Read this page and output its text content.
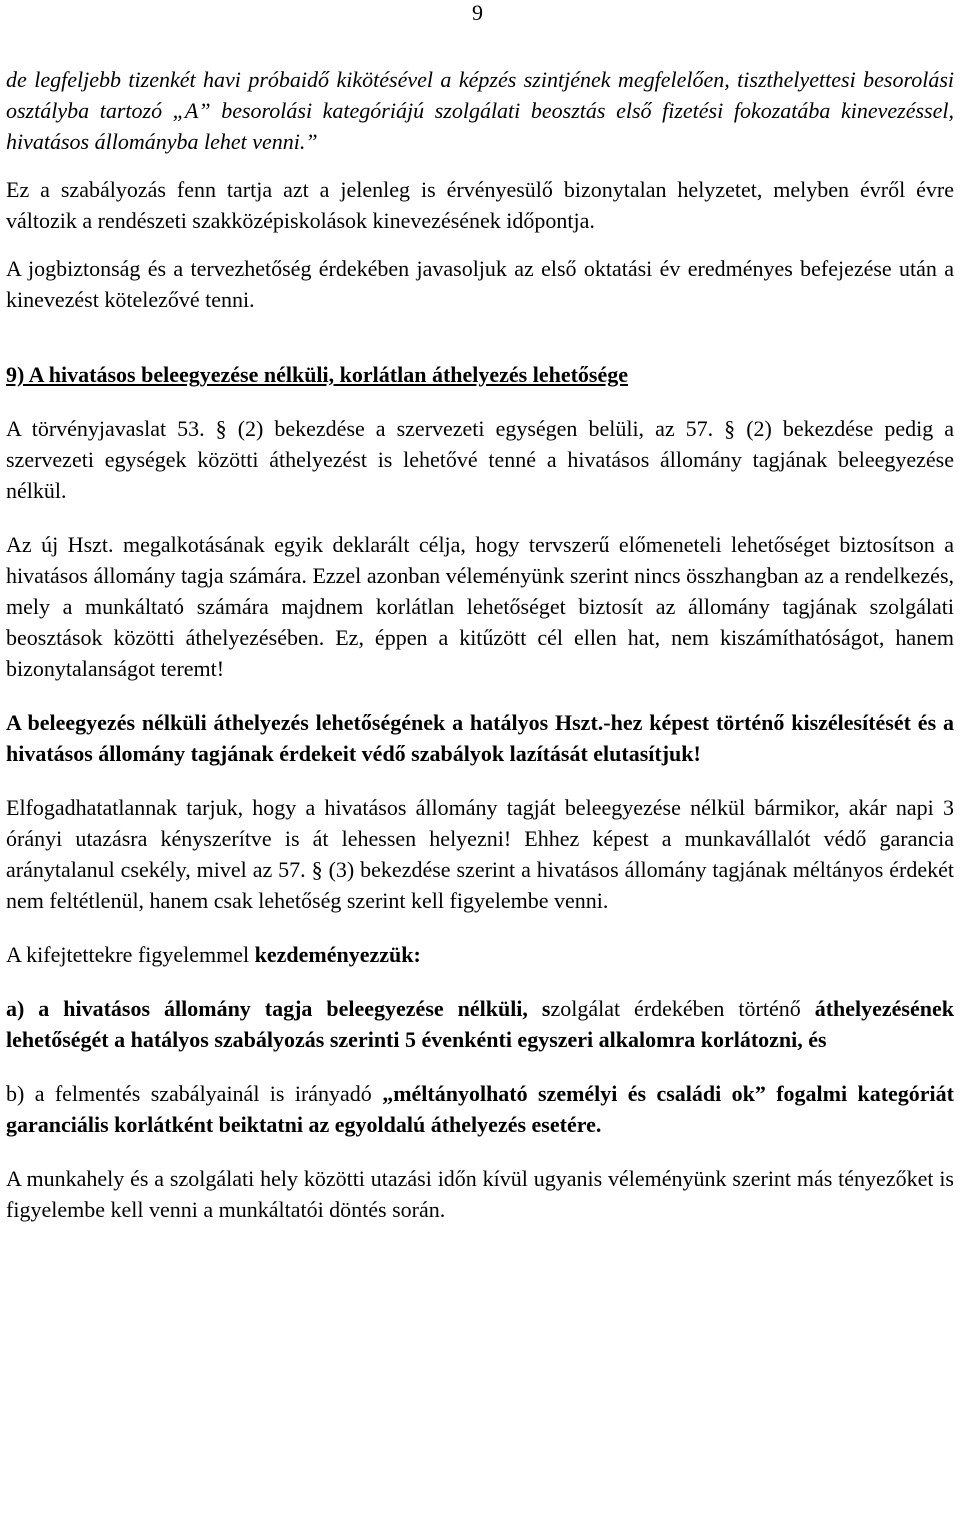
9

de legfeljebb tizenkét havi próbaidő kikötésével a képzés szintjének megfelelően, tiszthelyettesi besorolási osztályba tartozó „A” besorolási kategóriájú szolgálati beosztás első fizetési fokozatába kinevezéssel, hivatásos állományba lehet venni.”

Ez a szabályozás fenn tartja azt a jelenleg is érvényesülő bizonytalan helyzetet, melyben évről évre változik a rendészeti szakközépiskolások kinevezésének időpontja.

A jogbiztonság és a tervezhetőség érdekében javasoljuk az első oktatási év eredményes befejezése után a kinevezést kötelezővé tenni.

9) A hivatásos beleegyezése nélküli, korlátlan áthelyezés lehetősége

A törvényjavaslat 53. § (2) bekezdése a szervezeti egységen belüli, az 57. § (2) bekezdése pedig a szervezeti egységek közötti áthelyezést is lehetővé tenné a hivatásos állomány tagjának beleegyezése nélkül.

Az új Hszt. megalkotásának egyik deklarált célja, hogy tervszerű előmeneteli lehetőséget biztosítson a hivatásos állomány tagja számára. Ezzel azonban véleményünk szerint nincs összhangban az a rendelkezés, mely a munkáltató számára majdnem korlátlan lehetőséget biztosít az állomány tagjának szolgálati beosztások közötti áthelyezésében. Ez, éppen a kitűzött cél ellen hat, nem kiszámíthatóságot, hanem bizonytalanságot teremt!

A beleegyezés nélküli áthelyezés lehetőségének a hatályos Hszt.-hez képest történő kiszélesítését és a hivatásos állomány tagjának érdekeit védő szabályok lazítását elutasítjuk!

Elfogadhatatlannak tarjuk, hogy a hivatásos állomány tagját beleegyezése nélkül bármikor, akár napi 3 órányi utazásra kényszerítve is át lehessen helyezni! Ehhez képest a munkavállalót védő garancia aránytalanul csekély, mivel az 57. § (3) bekezdése szerint a hivatásos állomány tagjának méltányos érdekét nem feltétlenül, hanem csak lehetőség szerint kell figyelembe venni.

A kifejtettekre figyelemmel kezdeményezzük:

a) a hivatásos állomány tagja beleegyezése nélküli, szolgálat érdekében történő áthelyezésének lehetőségét a hatályos szabályozás szerinti 5 évenkénti egyszeri alkalomra korlátozni, és

b) a felmentés szabályainál is irányadó „méltányolható személyi és családi ok” fogalmi kategóriát garanciális korlátként beiktatni az egyoldalú áthelyezés esetére.

A munkahely és a szolgálati hely közötti utazási időn kívül ugyanis véleményünk szerint más tényezőket is figyelembe kell venni a munkáltatói döntés során.
